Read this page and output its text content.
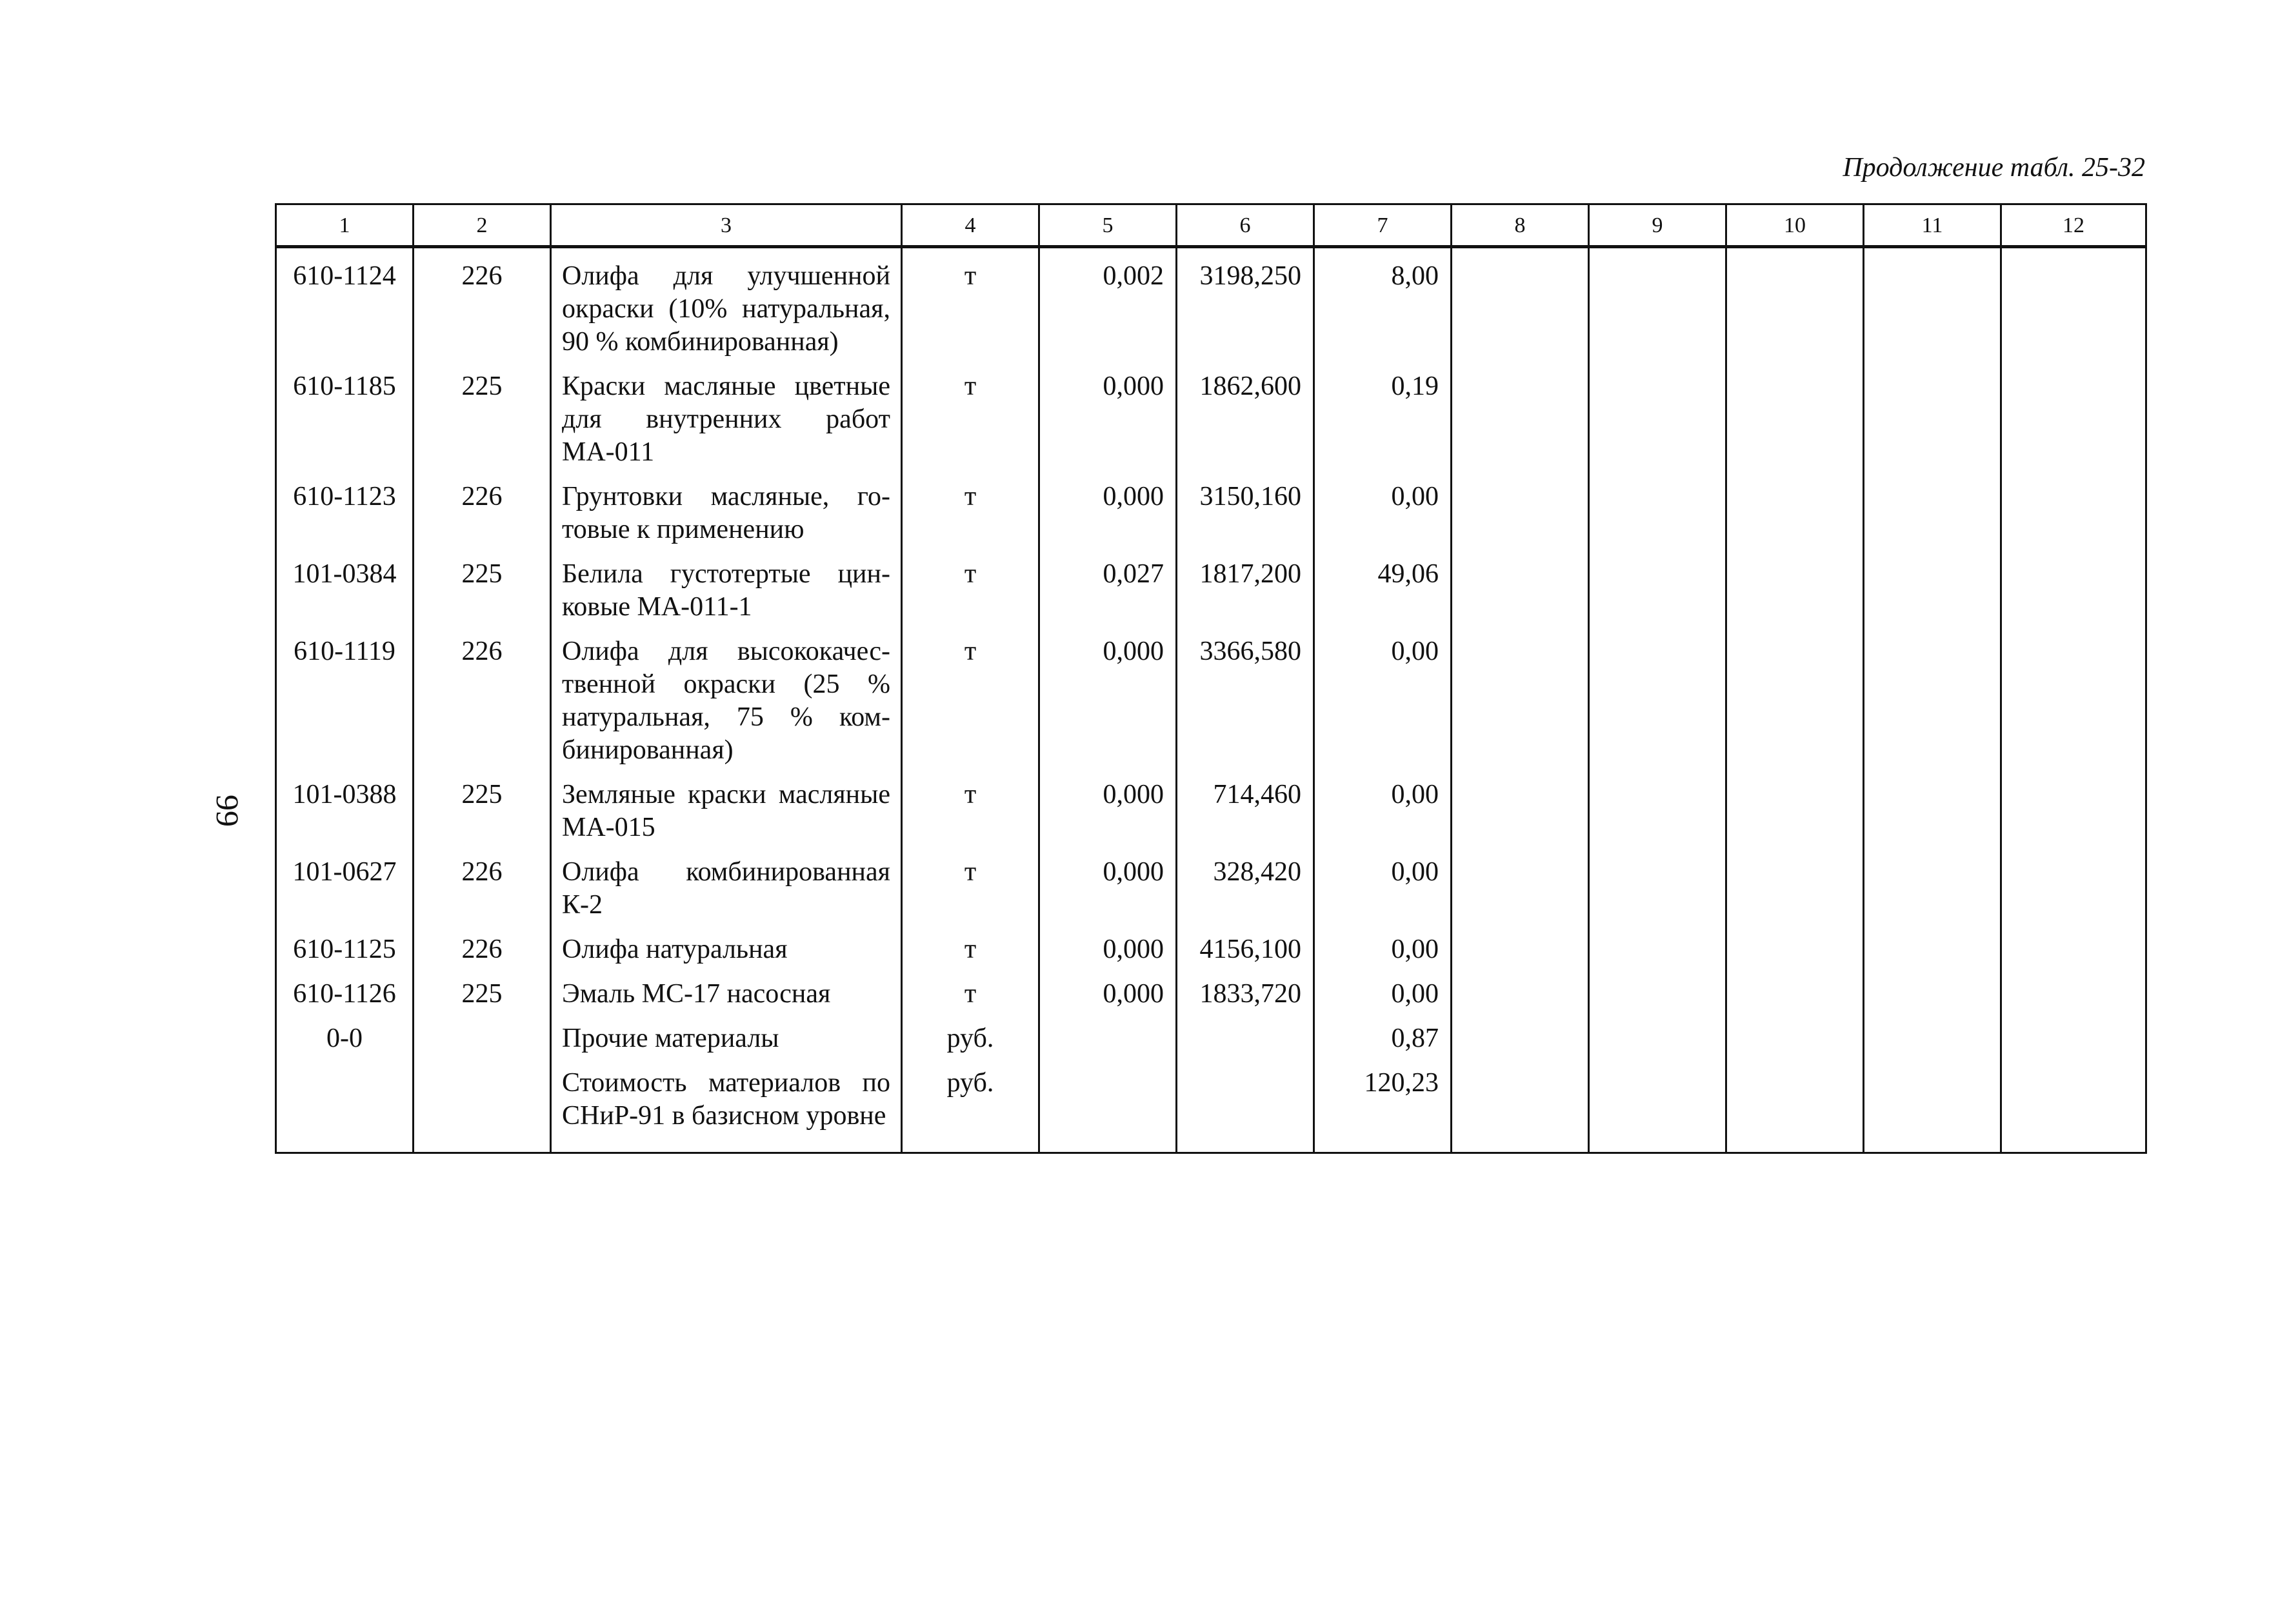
Продолжение табл. 25-32
99
1	2	3	4	5	6	7	8	9	10	11	12
610-1124	226	Олифа для улучшенной окраски (10% натуральная, 90 % комбинированная)	т	0,002	3198,250	8,00					
610-1185	225	Краски масляные цветные для внутренних работ МА-011	т	0,000	1862,600	0,19					
610-1123	226	Грунтовки масляные, готовые к применению	т	0,000	3150,160	0,00					
101-0384	225	Белила густотертые цинковые МА-011-1	т	0,027	1817,200	49,06					
610-1119	226	Олифа для высококачественной окраски (25 % натуральная, 75 % комбинированная)	т	0,000	3366,580	0,00					
101-0388	225	Земляные краски масляные МА-015	т	0,000	714,460	0,00					
101-0627	226	Олифа комбинированная К-2	т	0,000	328,420	0,00					
610-1125	226	Олифа натуральная	т	0,000	4156,100	0,00					
610-1126	225	Эмаль МС-17 насосная	т	0,000	1833,720	0,00					
0-0		Прочие материалы	руб.			0,87					
		Стоимость материалов по СНиР-91 в базисном уровне	руб.			120,23					
